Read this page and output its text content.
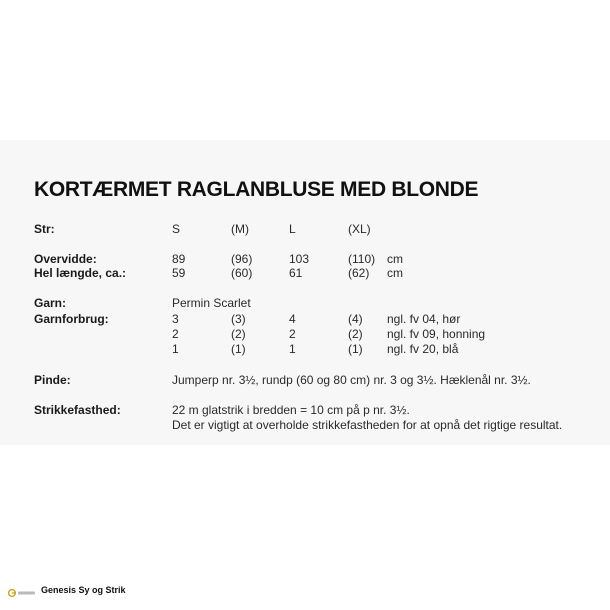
KORTÆRMET RAGLANBLUSE MED BLONDE
Str:	S	(M)	L	(XL)
Overvidde:	89	(96)	103	(110) cm
Hel længde, ca.:	59	(60)	61	(62) cm
Garn:	Permin Scarlet
Garnforbrug:	3	(3)	4	(4) ngl. fv 04, hør
2	(2)	2	(2) ngl. fv 09, honning
1	(1)	1	(1) ngl. fv 20, blå
Pinde:	Jumperp nr. 3½, rundp (60 og 80 cm) nr. 3 og 3½. Hæklenål nr. 3½.
Strikkefasthed:	22 m glatstrik i bredden = 10 cm på p nr. 3½.
Det er vigtigt at overholde strikkefastheden for at opnå det rigtige resultat.
Genesis Sy og Strik
